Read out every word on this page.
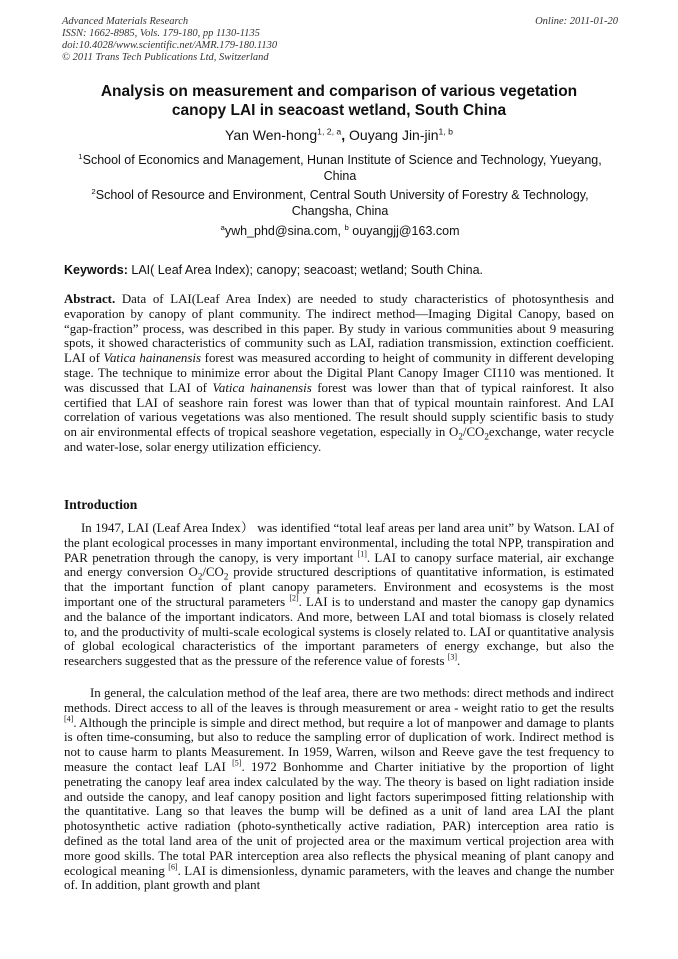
Advanced Materials Research
ISSN: 1662-8985, Vols. 179-180, pp 1130-1135
doi:10.4028/www.scientific.net/AMR.179-180.1130
© 2011 Trans Tech Publications Ltd, Switzerland
Online: 2011-01-20
Analysis on measurement and comparison of various vegetation
canopy LAI in seacoast wetland, South China
Yan Wen-hong$^{1, 2, a}$, Ouyang Jin-jin$^{1, b}$
$^1$School of Economics and Management, Hunan Institute of Science and Technology, Yueyang, China
$^2$School of Resource and Environment, Central South University of Forestry & Technology, Changsha, China
$^a$ywh_phd@sina.com, $^b$ ouyangjj@163.com
Keywords: LAI( Leaf Area Index); canopy; seacoast; wetland; South China.
Abstract. Data of LAI(Leaf Area Index) are needed to study characteristics of photosynthesis and evaporation by canopy of plant community. The indirect method—Imaging Digital Canopy, based on “gap-fraction” process, was described in this paper. By study in various communities about 9 measuring spots, it showed characteristics of community such as LAI, radiation transmission, extinction coefficient. LAI of Vatica hainanensis forest was measured according to height of community in different developing stage. The technique to minimize error about the Digital Plant Canopy Imager CI110 was mentioned. It was discussed that LAI of Vatica hainanensis forest was lower than that of typical rainforest. It also certified that LAI of seashore rain forest was lower than that of typical mountain rainforest. And LAI correlation of various vegetations was also mentioned. The result should supply scientific basis to study on air environmental effects of tropical seashore vegetation, especially in $O_2/CO_2exchange$, water recycle and water-lose, solar energy utilization efficiency.
Introduction
In 1947, LAI (Leaf Area Index） was identified “total leaf areas per land area unit” by Watson. LAI of the plant ecological processes in many important environmental, including the total NPP, transpiration and PAR penetration through the canopy, is very important [1]. LAI to canopy surface material, air exchange and energy conversion $O_2/CO_2$ provide structured descriptions of quantitative information, is estimated that the important function of plant canopy parameters. Environment and ecosystems is the most important one of the structural parameters [2]. LAI is to understand and master the canopy gap dynamics and the balance of the important indicators. And more, between LAI and total biomass is closely related to, and the productivity of multi-scale ecological systems is closely related to. LAI or quantitative analysis of global ecological characteristics of the important parameters of energy exchange, but also the researchers suggested that as the pressure of the reference value of forests [3].
In general, the calculation method of the leaf area, there are two methods: direct methods and indirect methods. Direct access to all of the leaves is through measurement or area - weight ratio to get the results [4]. Although the principle is simple and direct method, but require a lot of manpower and damage to plants is often time-consuming, but also to reduce the sampling error of duplication of work. Indirect method is not to cause harm to plants Measurement. In 1959, Warren, wilson and Reeve gave the test frequency to measure the contact leaf LAI [5]. 1972 Bonhomme and Charter initiative by the proportion of light penetrating the canopy leaf area index calculated by the way. The theory is based on light radiation inside and outside the canopy, and leaf canopy position and light factors superimposed fitting relationship with the quantitative. Lang so that leaves the bump will be defined as a unit of land area LAI the plant photosynthetic active radiation (photo-synthetically active radiation, PAR) interception area ratio is defined as the total land area of the unit of projected area or the maximum vertical projection area with more good skills. The total PAR interception area also reflects the physical meaning of plant canopy and ecological meaning [6]. LAI is dimensionless, dynamic parameters, with the leaves and change the number of. In addition, plant growth and plant
